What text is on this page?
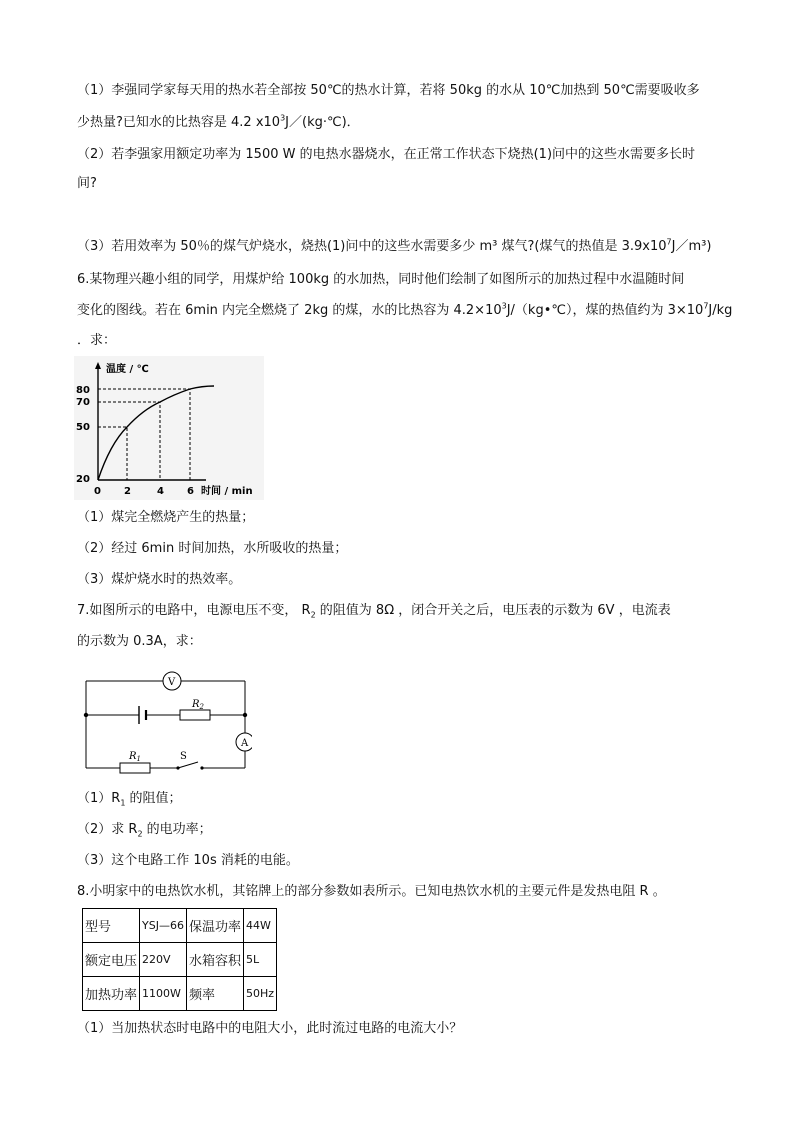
（1）李强同学家每天用的热水若全部按 50℃的热水计算，若将 50kg 的水从 10℃加热到 50℃需要吸收多
少热量?已知水的比热容是 4.2 $x10^3J/(kg\cdot℃)$．
（2）若李强家用额定功率为 1500 W 的电热水器烧水，在正常工作状态下烧热(1)问中的这些水需要多长时
间?
（3）若用效率为 50％的煤气炉烧水，烧热(1)问中的这些水需要多少 m³ 煤气?(煤气的热值是 $3.9x10^7J/m^3$)
6.某物理兴趣小组的同学，用煤炉给 100kg 的水加热，同时他们绘制了如图所示的加热过程中水温随时间
变化的图线。若在 6min 内完全燃烧了 2kg 的煤，水的比热容为 $4.2\times 10^3J/(kg•℃)$，煤的热值约为 $3\times 10^7J/kg$
．求：
温度 / ℃
80
70
50
20
0 2	4 6 时间 / min
（1）煤完全燃烧产生的热量；
（2）经过 6min 时间加热，水所吸收的热量；
（3）煤炉烧水时的热效率。
7.如图所示的电路中，电源电压不变， $R_2$ 的阻值为 8Ω ，闭合开关之后，电压表的示数为 6V ，电流表
的示数为 0.3A，求：
V
A
$R_2$
$R_1$	S
$(1)R_1$ 的阻值；
（2）求 $R_2$ 的电功率；
（3）这个电路工作 10s 消耗的电能。
8.小明家中的电热饮水机，其铭牌上的部分参数如表所示。已知电热饮水机的主要元件是发热电阻 R 。
型号	YSJ—66	保温功率	44W
额定电压	220V	水箱容积	5L
加热功率	1100W	频率	50Hz
（1）当加热状态时电路中的电阻大小，此时流过电路的电流大小？
